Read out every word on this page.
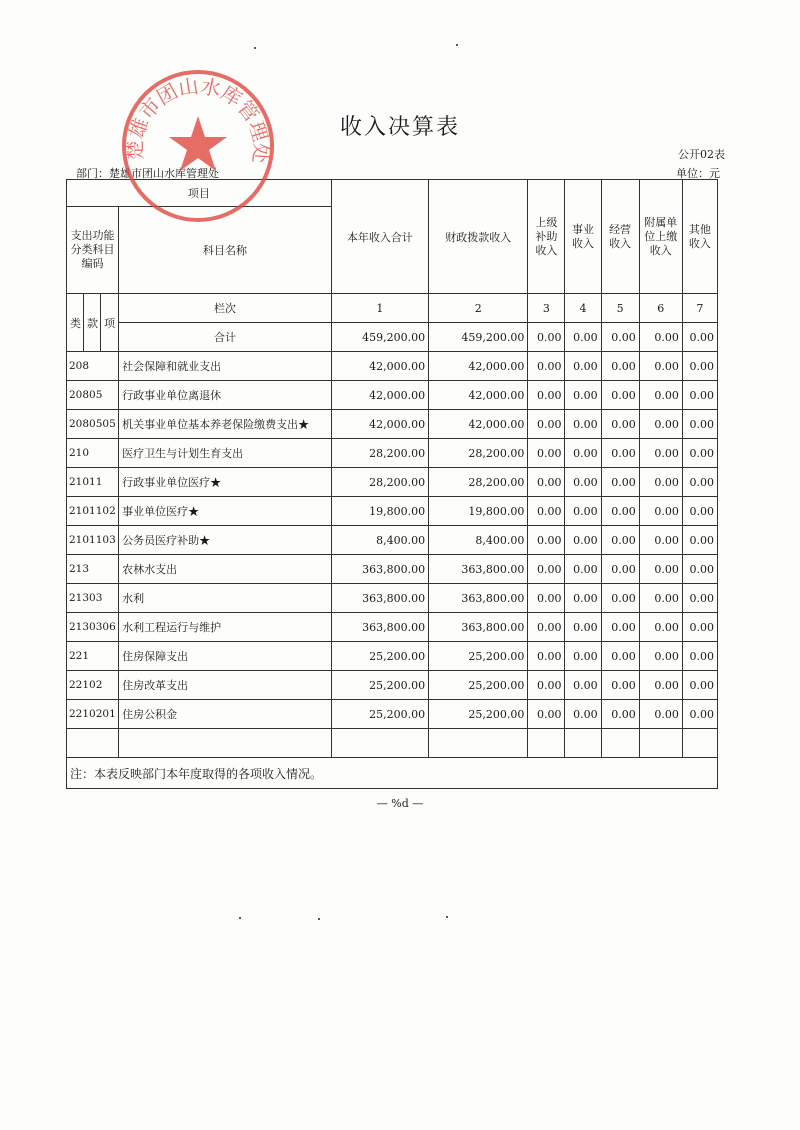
收入决算表
公开02表
部门：楚雄市团山水库管理处	单位：元
项目				本年收入合计	财政拨款收入	上级补助收入	事业收入	经营收入	附属单位上缴收入	其他收入
支出功能分类科目编码			科目名称							
类	款	项	栏次	1	2	3	4	5	6	7
			合计	459,200.00	459,200.00	0.00	0.00	0.00	0.00	0.00
208			社会保障和就业支出	42,000.00	42,000.00	0.00	0.00	0.00	0.00	0.00
20805			行政事业单位离退休	42,000.00	42,000.00	0.00	0.00	0.00	0.00	0.00
2080505			机关事业单位基本养老保险缴费支出★	42,000.00	42,000.00	0.00	0.00	0.00	0.00	0.00
210			医疗卫生与计划生育支出	28,200.00	28,200.00	0.00	0.00	0.00	0.00	0.00
21011			行政事业单位医疗★	28,200.00	28,200.00	0.00	0.00	0.00	0.00	0.00
2101102			事业单位医疗★	19,800.00	19,800.00	0.00	0.00	0.00	0.00	0.00
2101103			公务员医疗补助★	8,400.00	8,400.00	0.00	0.00	0.00	0.00	0.00
213			农林水支出	363,800.00	363,800.00	0.00	0.00	0.00	0.00	0.00
21303			水利	363,800.00	363,800.00	0.00	0.00	0.00	0.00	0.00
2130306			水利工程运行与维护	363,800.00	363,800.00	0.00	0.00	0.00	0.00	0.00
221			住房保障支出	25,200.00	25,200.00	0.00	0.00	0.00	0.00	0.00
22102			住房改革支出	25,200.00	25,200.00	0.00	0.00	0.00	0.00	0.00
2210201			住房公积金	25,200.00	25,200.00	0.00	0.00	0.00	0.00	0.00

注：本表反映部门本年度取得的各项收入情况。										
楚雄市团山水库管理处
— %d —
